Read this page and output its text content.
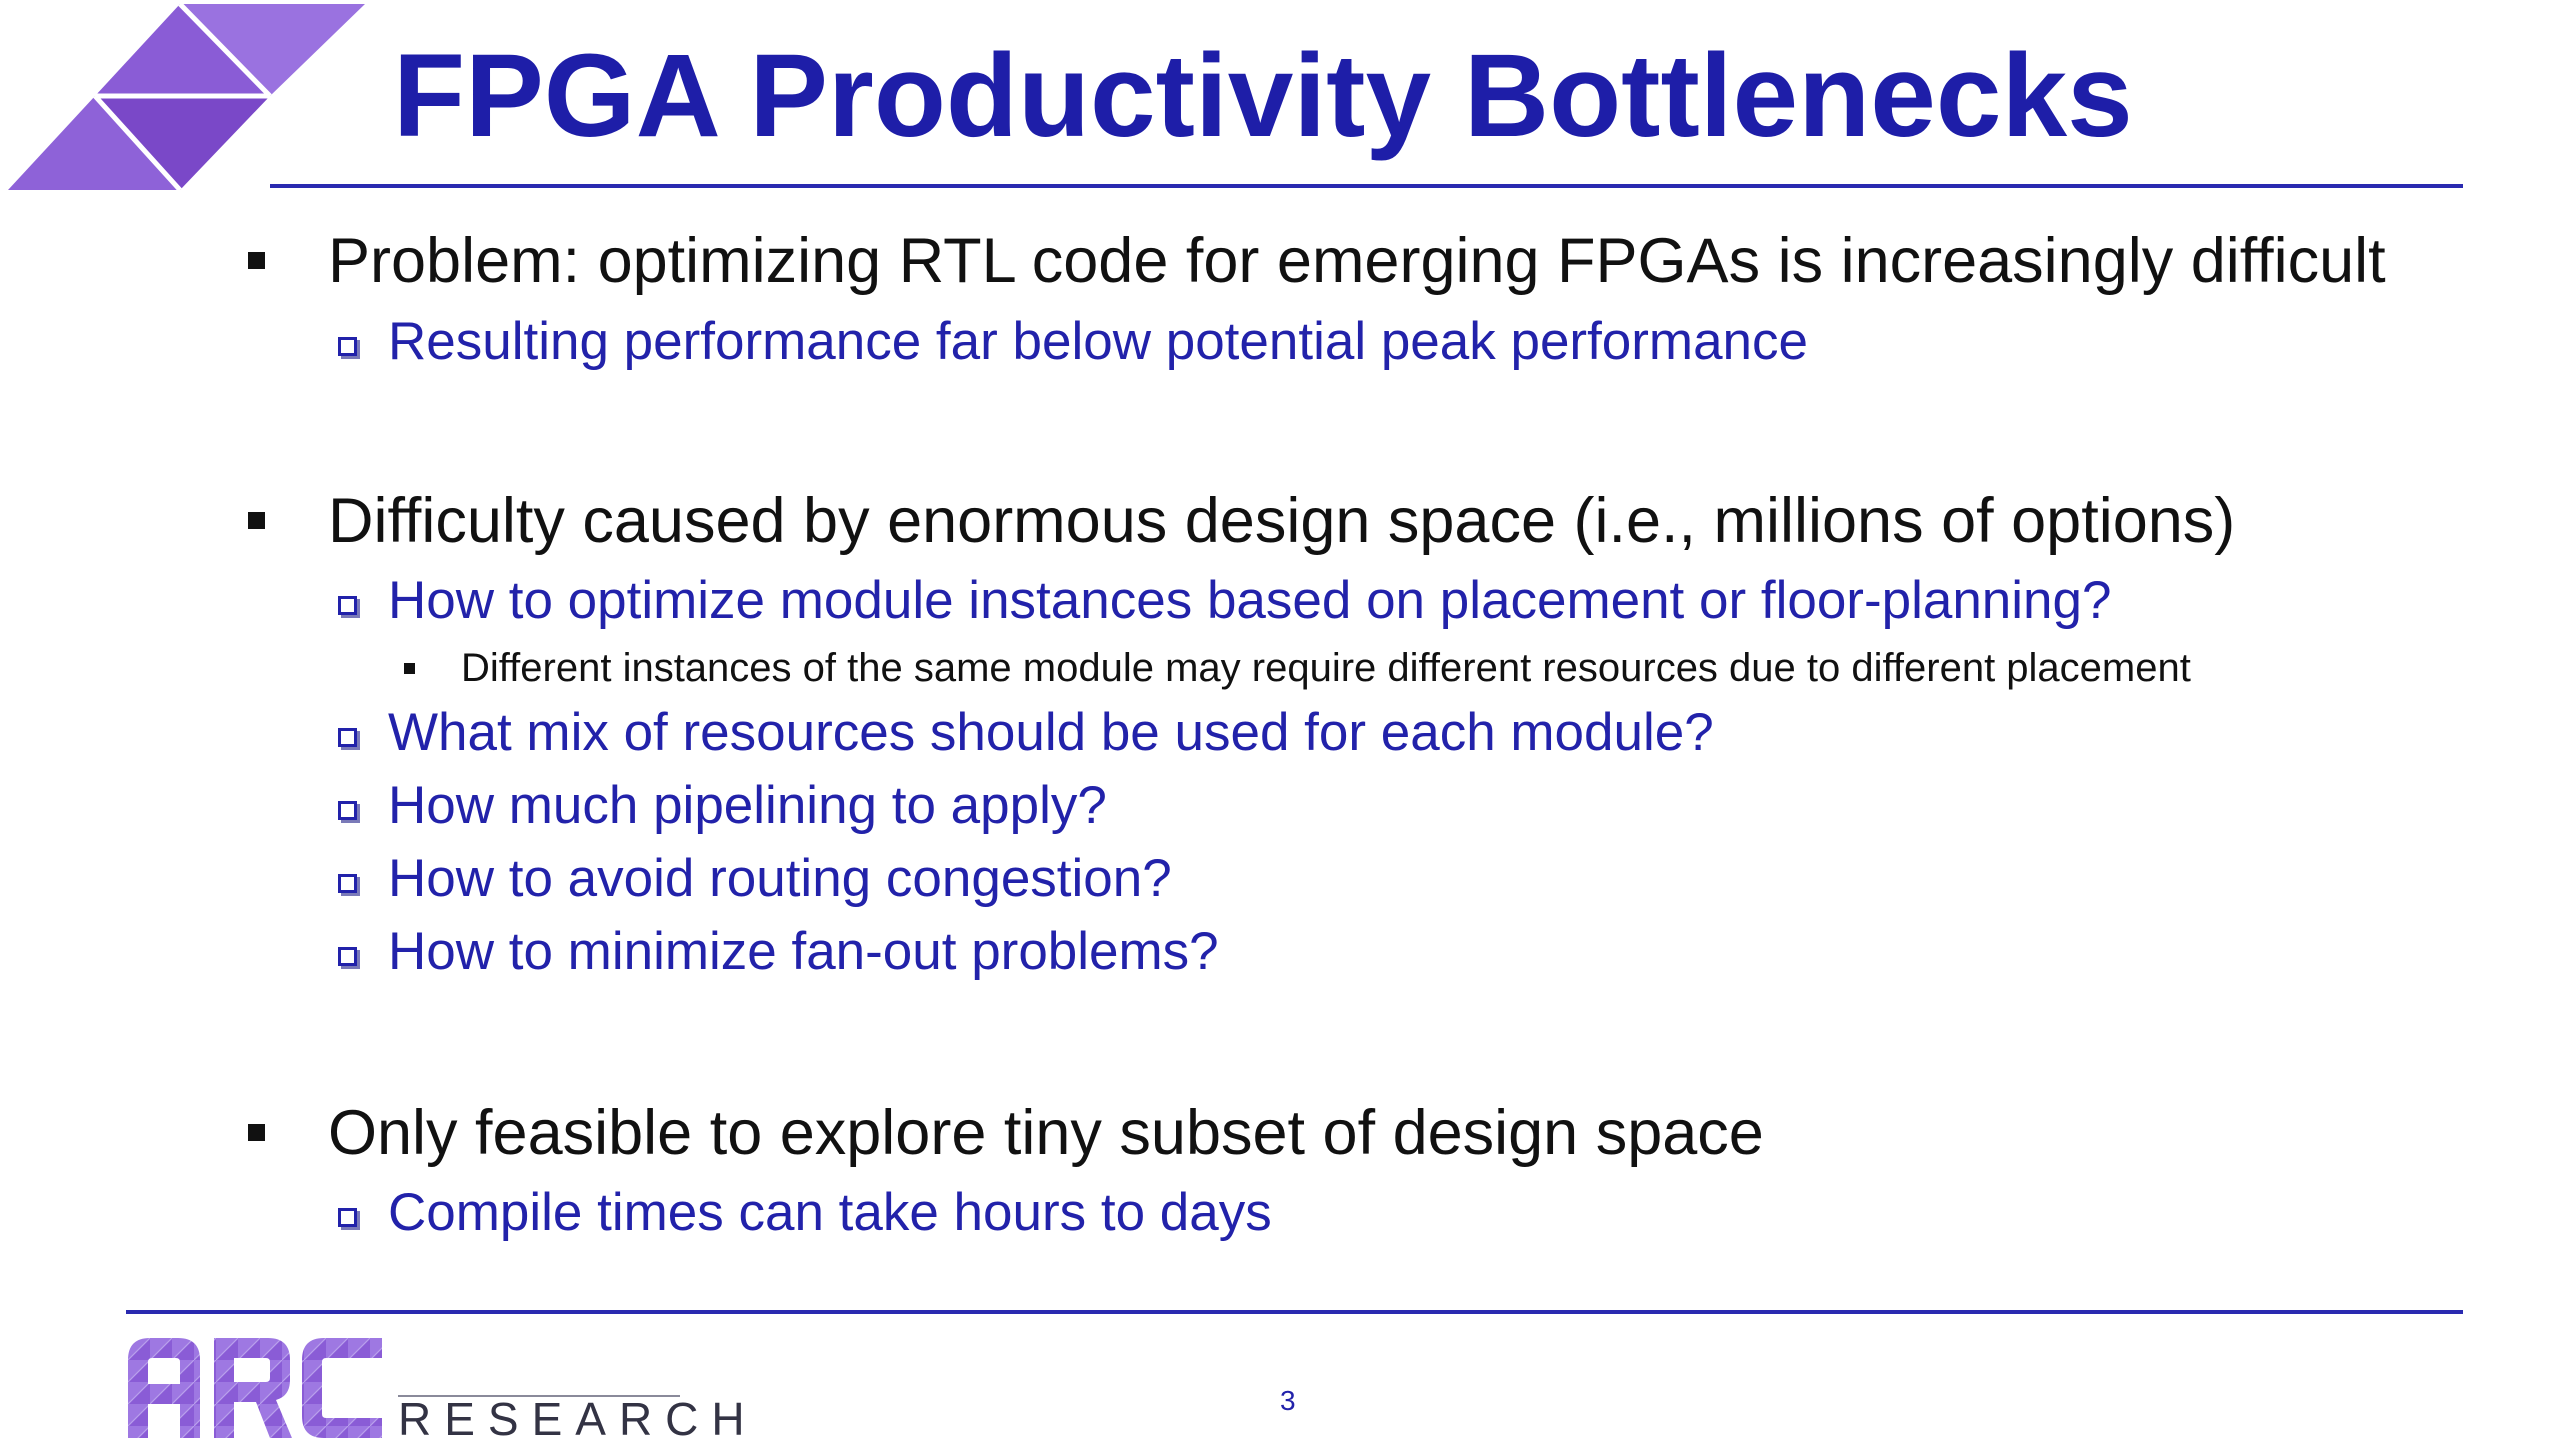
FPGA Productivity Bottlenecks
Problem: optimizing RTL code for emerging FPGAs is increasingly difficult
Resulting performance far below potential peak performance
Difficulty caused by enormous design space (i.e., millions of options)
How to optimize module instances based on placement or floor-planning?
Different instances of the same module may require different resources due to different placement
What mix of resources should be used for each module?
How much pipelining to apply?
How to avoid routing congestion?
How to minimize fan-out problems?
Only feasible to explore tiny subset of design space
Compile times can take hours to days
RESEARCH	3
